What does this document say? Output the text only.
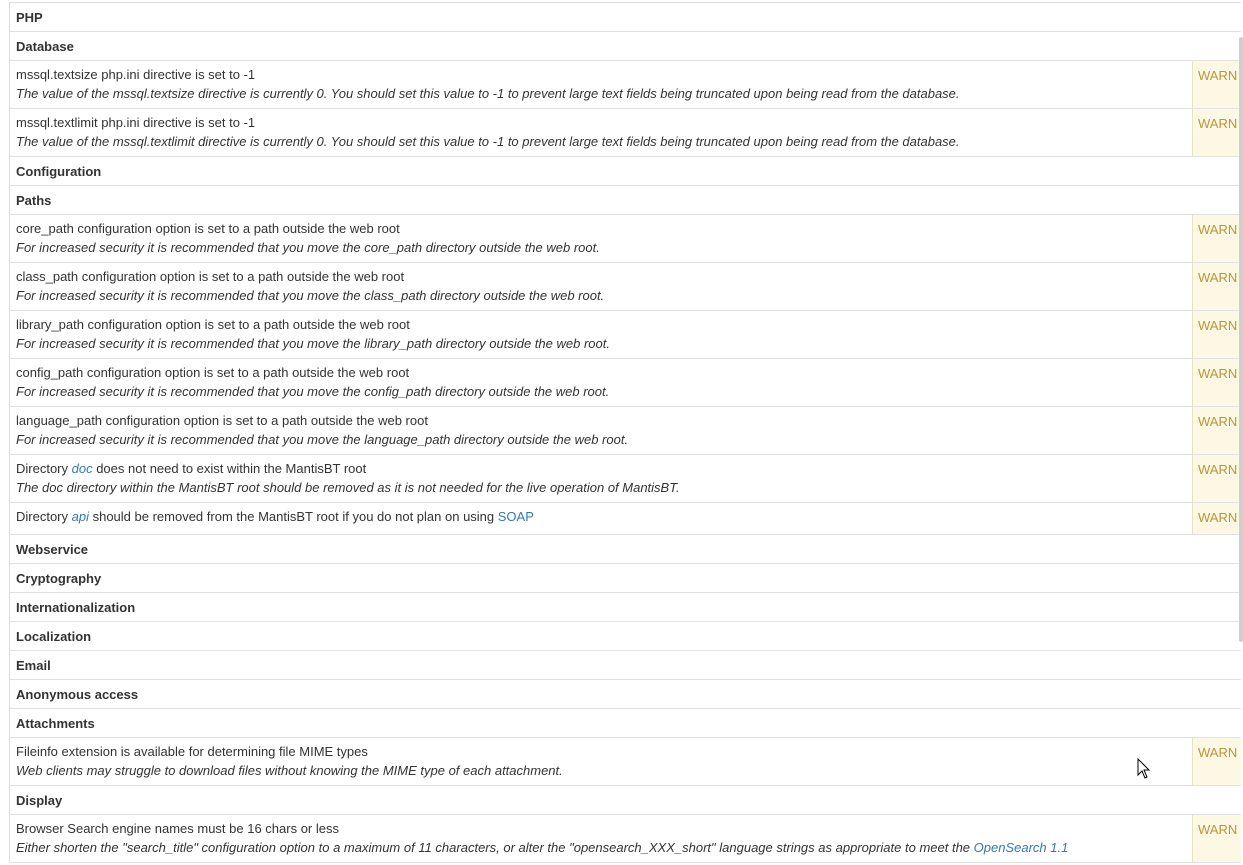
PHP
Database
mssql.textsize php.ini directive is set to -1
The value of the mssql.textsize directive is currently 0. You should set this value to -1 to prevent large text fields being truncated upon being read from the database.
WARN
mssql.textlimit php.ini directive is set to -1
The value of the mssql.textlimit directive is currently 0. You should set this value to -1 to prevent large text fields being truncated upon being read from the database.
WARN
Configuration
Paths
core_path configuration option is set to a path outside the web root
For increased security it is recommended that you move the core_path directory outside the web root.
WARN
class_path configuration option is set to a path outside the web root
For increased security it is recommended that you move the class_path directory outside the web root.
WARN
library_path configuration option is set to a path outside the web root
For increased security it is recommended that you move the library_path directory outside the web root.
WARN
config_path configuration option is set to a path outside the web root
For increased security it is recommended that you move the config_path directory outside the web root.
WARN
language_path configuration option is set to a path outside the web root
For increased security it is recommended that you move the language_path directory outside the web root.
WARN
Directory doc does not need to exist within the MantisBT root
The doc directory within the MantisBT root should be removed as it is not needed for the live operation of MantisBT.
WARN
Directory api should be removed from the MantisBT root if you do not plan on using SOAP	WARN
Webservice
Cryptography
Internationalization
Localization
Email
Anonymous access
Attachments
Fileinfo extension is available for determining file MIME types
Web clients may struggle to download files without knowing the MIME type of each attachment.
WARN
Display
Browser Search engine names must be 16 chars or less
Either shorten the "search_title" configuration option to a maximum of 11 characters, or alter the "opensearch_XXX_short" language strings as appropriate to meet the OpenSearch 1.1
WARN
